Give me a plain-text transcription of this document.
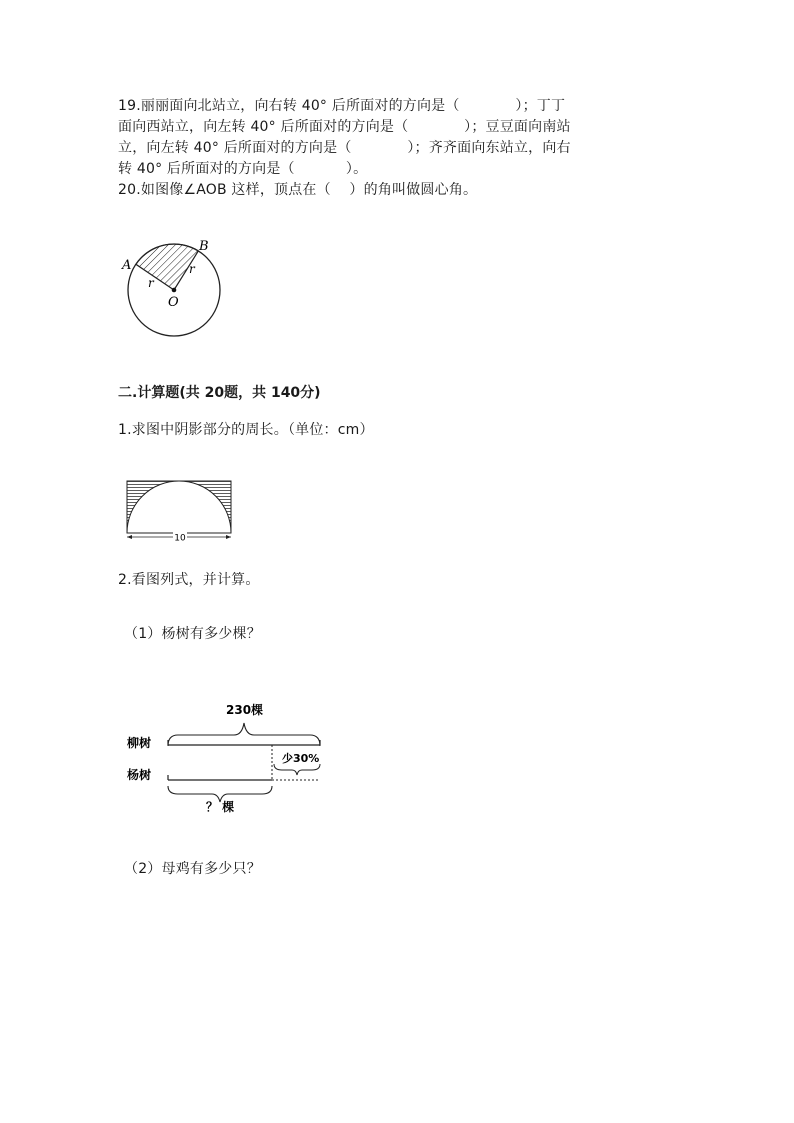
19.丽丽面向北站立，向右转 40° 后所面对的方向是（            ）；丁丁
面向西站立，向左转 40° 后所面对的方向是（            ）；豆豆面向南站
立，向左转 40° 后所面对的方向是（            ）；齐齐面向东站立，向右
转 40° 后所面对的方向是（           ）。
20.如图像∠AOB 这样，顶点在（    ）的角叫做圆心角。
A
B
O
r
r
二.计算题(共 20题，共 140分)
1.求图中阴影部分的周长。（单位：cm）
10
2.看图列式，并计算。
（1）杨树有多少棵？
230棵
柳树
少30%
杨树
？ 棵
（2）母鸡有多少只？
